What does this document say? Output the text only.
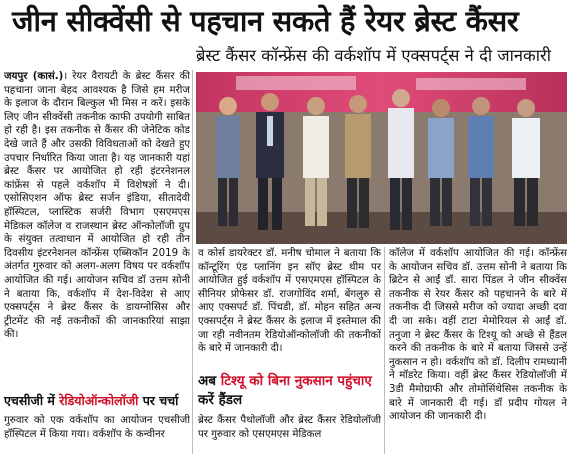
जीन सीक्वेंसी से पहचान सकते हैं रेयर ब्रेस्ट कैंसर
ब्रेस्ट कैंसर कॉन्फ्रेंस की वर्कशॉप में एक्सपर्ट्स ने दी जानकारी
जयपुर (कासं.)। रेयर वैरायटी के ब्रेस्ट कैंसर की पहचाना जाना बेहद आवश्यक है जिसे हम मरीज के इलाज के दौरान बिल्कुल भी मिस न करें। इसके लिए जीन सीक्वेंसी तकनीक काफी उपयोगी साबित हो रही है। इस तकनीक से कैंसर की जेनेटिक कोड देखे जाते हैं और उसकी विविधताओं को देखते हुए उपचार निर्धारित किया जाता है। यह जानकारी यहां ब्रेस्ट कैंसर पर आयोजित हो रही इंटरनेशनल कांफ्रेंस से पहले वर्कशॉप में विशेषज्ञों ने दी। एसोसिएशन ऑफ ब्रेस्ट सर्जन इंडिया, सीतादेवी हॉस्पिटल, प्लास्टिक सर्जरी विभाग एसएमएस मेडिकल कॉलेज व राजस्थान ब्रेस्ट ऑन्कोलॉजी ग्रुप के संयुक्त तत्वाधान में आयोजित हो रही तीन दिवसीय इंटरनेशनल कॉन्फ्रेंस एब्सिकॉन 2019 के अंतर्गत गुरुवार को अलग-अलग विषय पर वर्कशॉप आयोजित की गई। आयोजन सचिव डॉ उत्तम सोनी ने बताया कि, वर्कशॉप में देश-विदेश से आए एक्सपर्ट्स ने ब्रेस्ट कैंसर के डायग्नोसिस और ट्रीटमेंट की नई तकनीकों की जानकारियां साझा की।
एचसीजी में रेडियोऑन्कोलॉजी पर चर्चा
गुरुवार को एक वर्कशॉप का आयोजन एचसीजी हॉस्पिटल में किया गया। वर्कशॉप के कन्वीनर
व कोर्स डायरेक्टर डॉ. मनीष चोमाल ने बताया कि कॉन्टूरिंग एंड प्लानिंग इन सॉए ब्रेस्ट थीम पर आयोजित हुई वर्कशॉप में एसएमएस हॉस्पिटल के सीनियर प्रोफेसर डॉ. राजगोविंद शर्मा, बेंगलुरु से आए एक्सपर्ट डॉ. पिंचडी, डॉ. मोहन सहित अन्य एक्सपर्ट्स ने ब्रेस्ट कैंसर के इलाज में इस्तेमाल की जा रही नवीनतम रेडियोऑन्कोलॉजी की तकनीकों के बारे में जानकारी दी।
अब टिश्यू को बिना नुकसान पहुंचाए करें हैंडल
ब्रेस्ट कैंसर पैथोलॉजी और ब्रेस्ट कैंसर रेडियोलॉजी पर गुरुवार को एसएमएस मेडिकल
कॉलेज में वर्कशॉप आयोजित की गई। कॉन्फ्रेंस के आयोजन सचिव डॉ. उत्तम सोनी ने बताया कि ब्रिटेन से आईं डॉ. सारा पिंडल ने जीन सीक्वेंस तकनीक से रेयर कैंसर को पहचानने के बारे में तकनीक दी जिससे मरीज को ज्यादा अच्छी दवा दी जा सके। वहीं टाटा मेमोरियल से आईं डॉ. तनुजा ने ब्रेस्ट कैंसर के टिश्यू को अच्छे से हैंडल करने की तकनीक के बारे में बताया जिससे उन्हें नुकसान न हो। वर्कशॉप को डॉ. दिलीप रामध्यानी ने मॉडरेट किया। वहीं ब्रेस्ट कैंसर रेडियोलॉजी में 3डी मैमोग्राफी और तोमोसिंथेसिस तकनीक के बारे में जानकारी दी गई। डॉ प्रदीप गोयल ने आयोजन की जानकारी दी।
